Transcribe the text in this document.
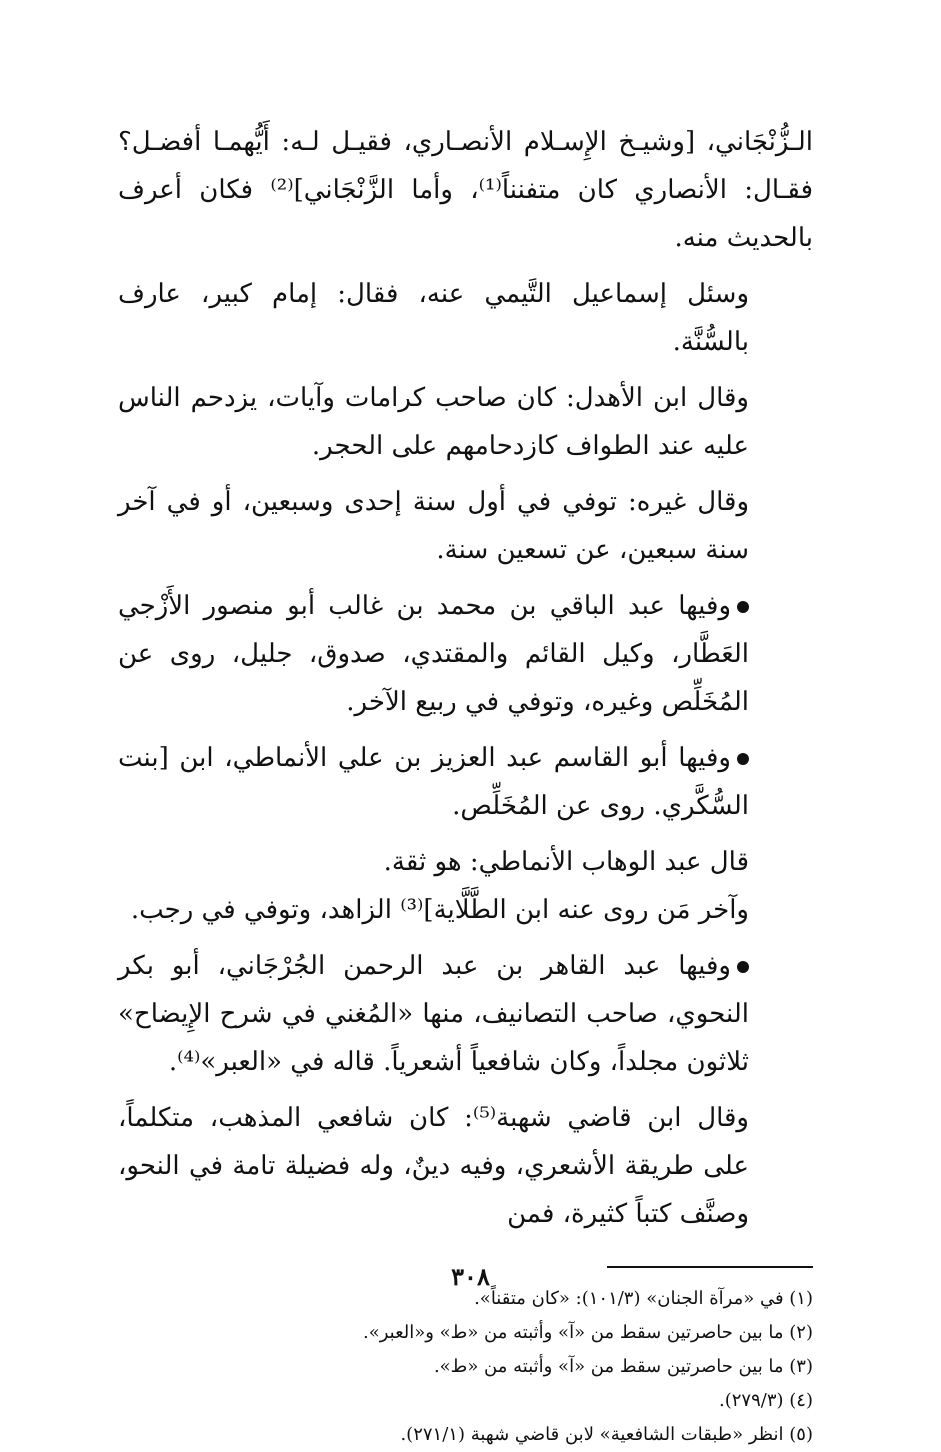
الـزُّنْجَاني، [وشيـخ الإِسـلام الأنصـاري، فقيـل لـه: أَيُّهمـا أفضـل؟ فقـال: الأنصاري كان متفنناً⁽¹⁾، وأما الزَّنْجَاني]⁽²⁾ فكان أعرف بالحديث منه.

وسئل إسماعيل التَّيمي عنه، فقال: إمام كبير، عارف بالسُّنَّة.

وقال ابن الأهدل: كان صاحب كرامات وآيات، يزدحم الناس عليه عند الطواف كازدحامهم على الحجر.

وقال غيره: توفي في أول سنة إحدى وسبعين، أو في آخر سنة سبعين، عن تسعين سنة.

وفيها عبد الباقي بن محمد بن غالب أبو منصور الأَزْجي العَطَّار، وكيل القائم والمقتدي، صدوق، جليل، روى عن المُخَلِّص وغيره، وتوفي في ربيع الآخر.

وفيها أبو القاسم عبد العزيز بن علي الأنماطي، ابن [بنت السُّكَّري. روى عن المُخَلِّص.

قال عبد الوهاب الأنماطي: هو ثقة.

وآخر مَن روى عنه ابن الطَّلَّاية]⁽³⁾ الزاهد، وتوفي في رجب.

وفيها عبد القاهر بن عبد الرحمن الجُرْجَاني، أبو بكر النحوي، صاحب التصانيف، منها «المُغني في شرح الإِيضاح» ثلاثون مجلداً، وكان شافعياً أشعرياً. قاله في «العبر»⁽⁴⁾.

وقال ابن قاضي شهبة⁽⁵⁾: كان شافعي المذهب، متكلماً، على طريقة الأشعري، وفيه دينٌ، وله فضيلة تامة في النحو، وصنَّف كتباً كثيرة، فمن

(١) في «مرآة الجنان» (١٠١/٣): «كان متقناً».

(٢) ما بين حاصرتين سقط من «آ» وأثبته من «ط» و«العبر».

(٣) ما بين حاصرتين سقط من «آ» وأثبته من «ط».

(٤) (٢٧٩/٣).

(٥) انظر «طبقات الشافعية» لابن قاضي شهبة (٢٧١/١).

٣٠٨
